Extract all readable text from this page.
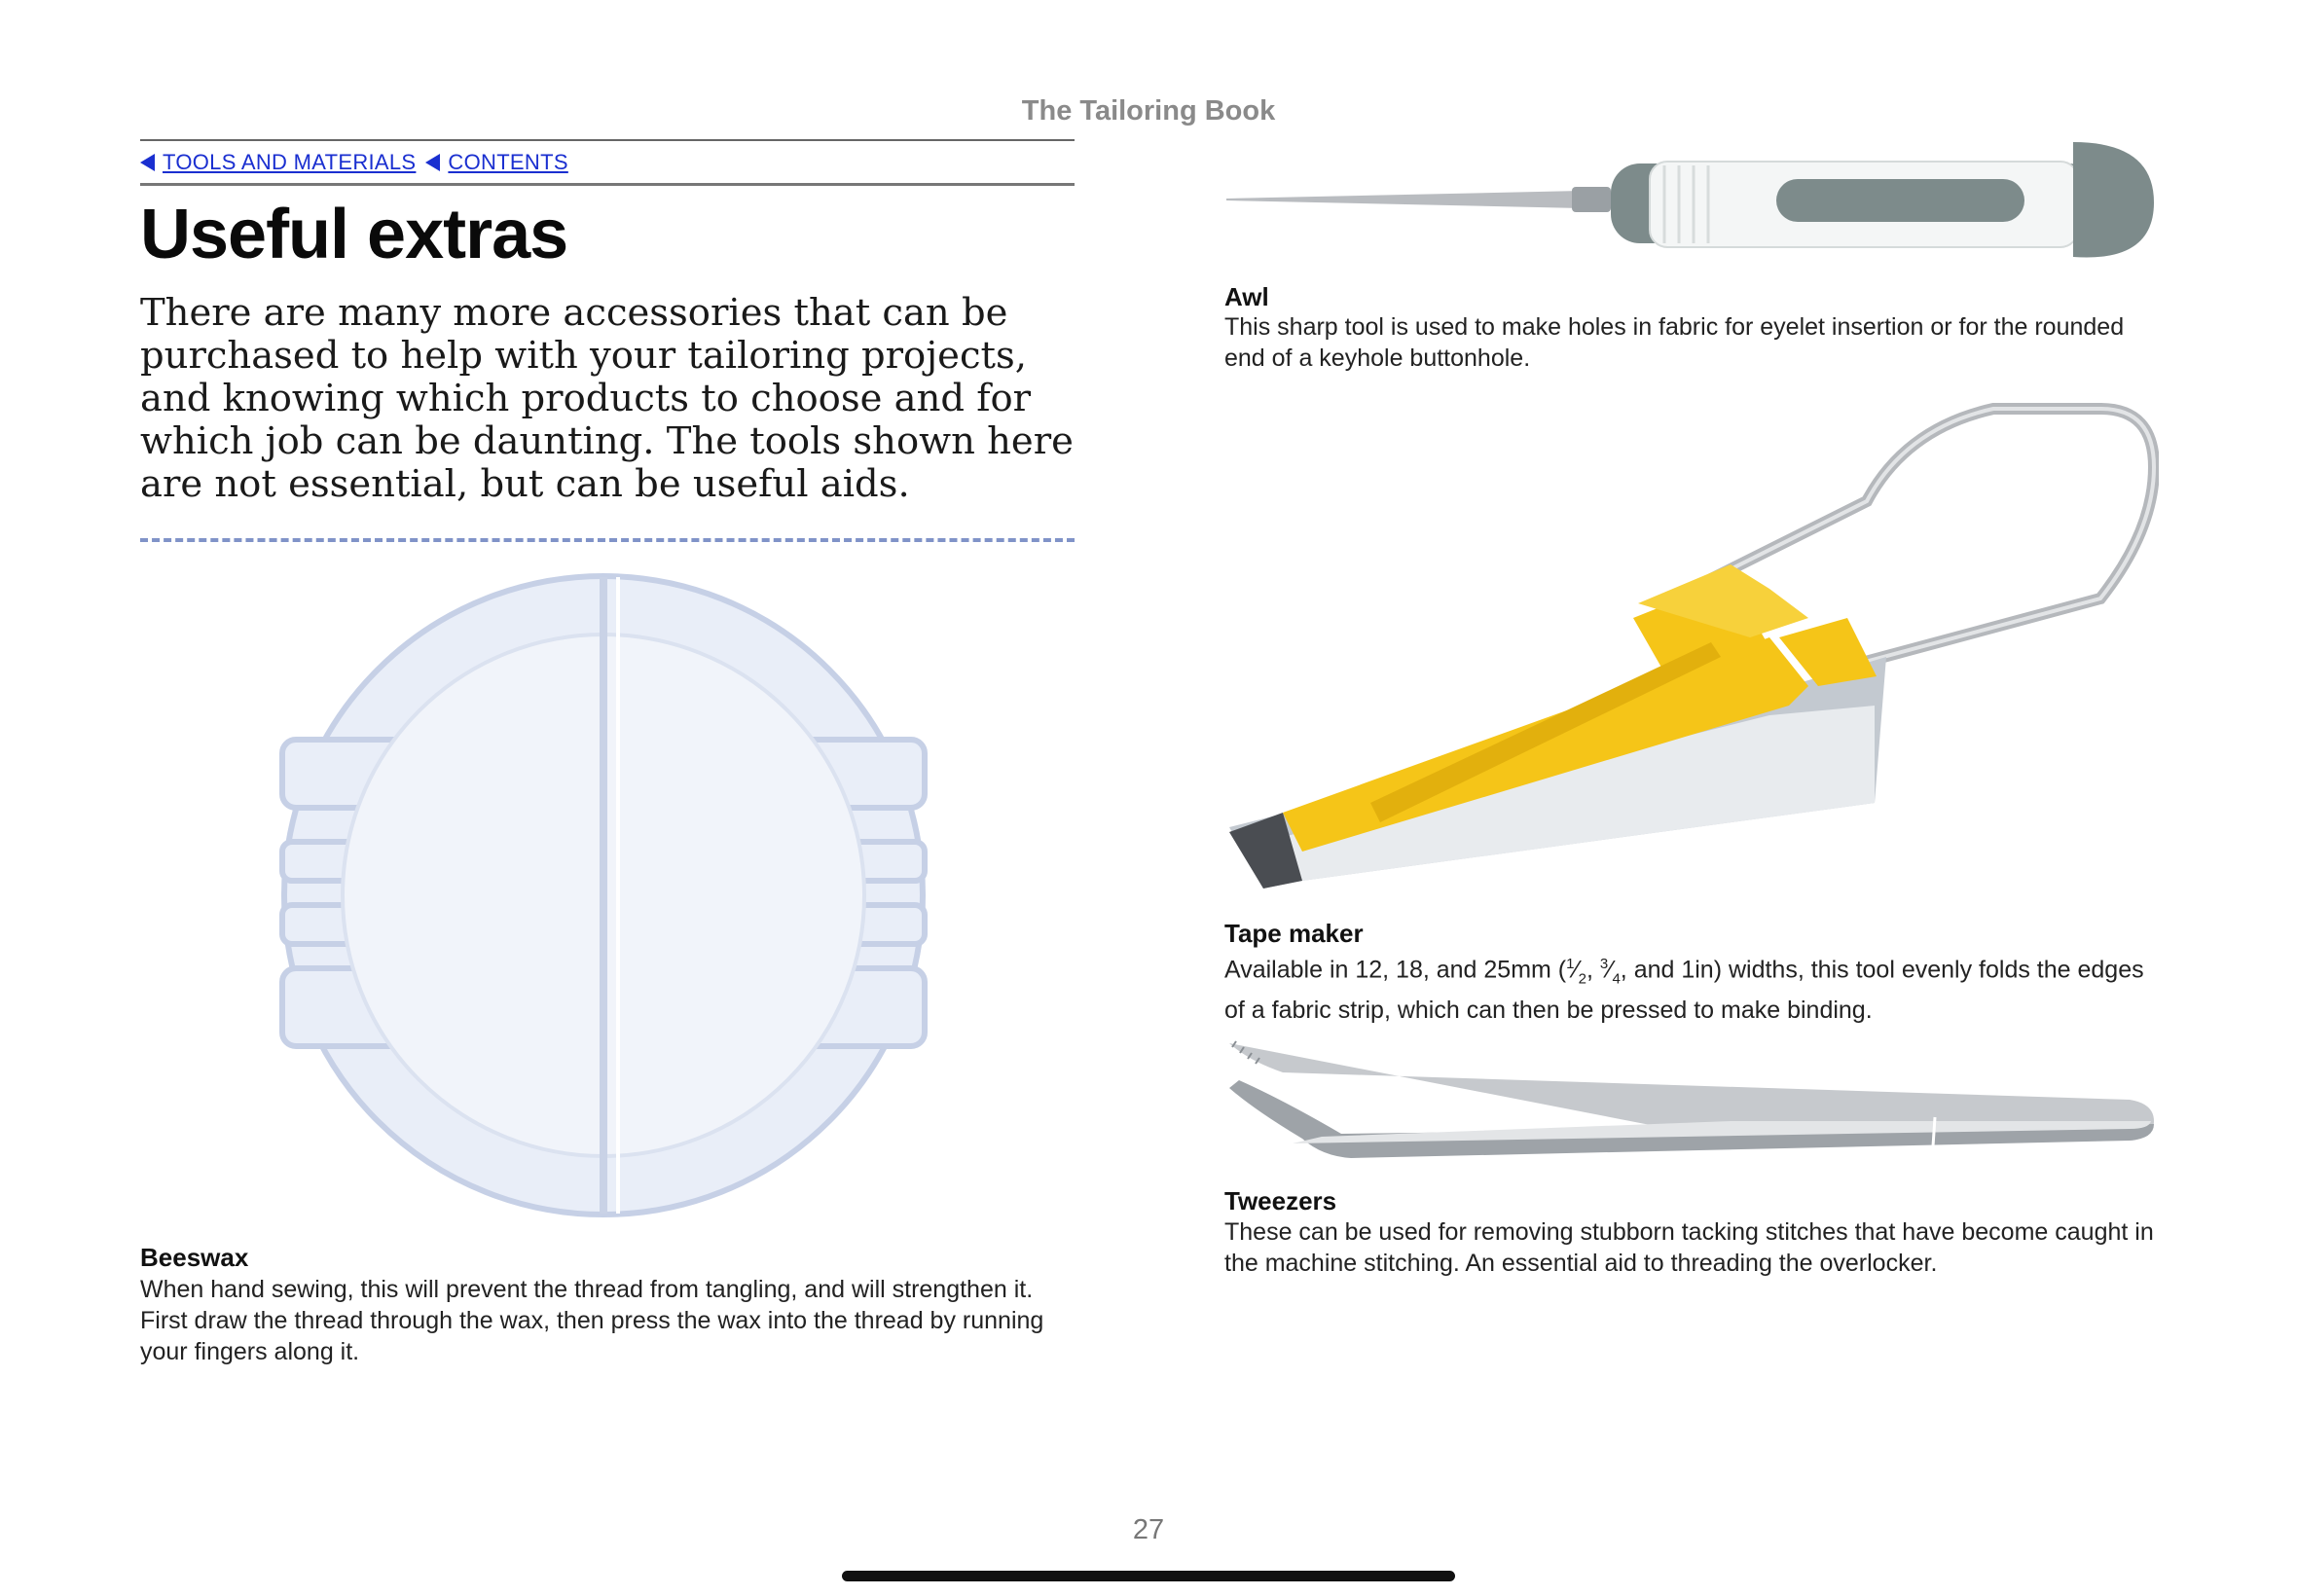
The Tailoring Book
TOOLS AND MATERIALS CONTENTS
Useful extras

There are many more accessories that can be purchased to help with your tailoring projects, and knowing which products to choose and for which job can be daunting. The tools shown here are not essential, but can be useful aids.

Beeswax

When hand sewing, this will prevent the thread from tangling, and will strengthen it. First draw the thread through the wax, then press the wax into the thread by running your fingers along it.

Awl

This sharp tool is used to make holes in fabric for eyelet insertion or for the rounded end of a keyhole buttonhole.

Tape maker

Available in 12, 18, and 25mm ($^1⁄_2$, $^3⁄_4$, and 1in) widths, this tool evenly folds the edges of a fabric strip, which can then be pressed to make binding.

Tweezers

These can be used for removing stubborn tacking stitches that have become caught in the machine stitching. An essential aid to threading the overlocker.

27
